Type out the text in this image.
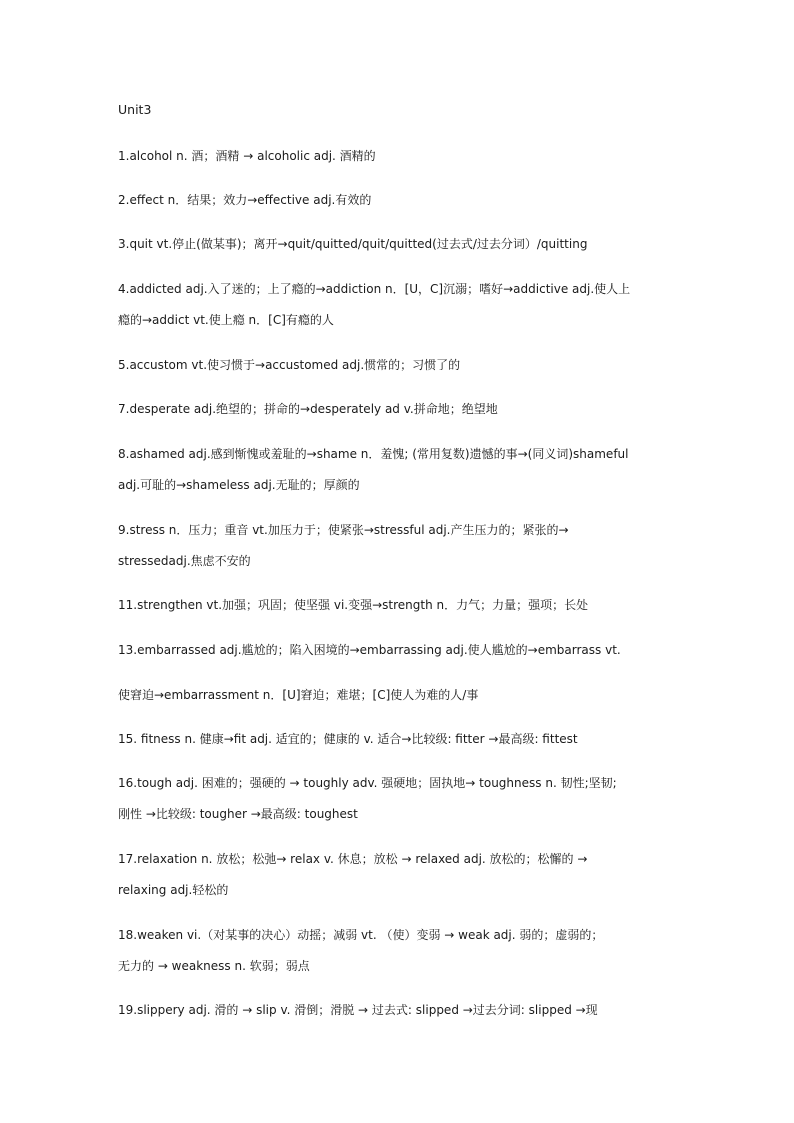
Unit3
1.alcohol n. 酒；酒精 → alcoholic adj. 酒精的
2.effect n．结果；效力→effective adj.有效的
3.quit vt.停止(做某事)；离开→quit/quitted/quit/quitted(过去式/过去分词）/quitting
4.addicted adj.入了迷的；上了瘾的→addiction n．[U，C]沉溺；嗜好→addictive adj.使人上
瘾的→addict vt.使上瘾 n．[C]有瘾的人
5.accustom vt.使习惯于→accustomed adj.惯常的；习惯了的
7.desperate adj.绝望的；拼命的→desperately ad v.拼命地；绝望地
8.ashamed adj.感到惭愧或羞耻的→shame n．羞愧; (常用复数)遗憾的事→(同义词)shameful
adj.可耻的→shameless adj.无耻的；厚颜的
9.stress n．压力；重音 vt.加压力于；使紧张→stressful adj.产生压力的；紧张的→
stressedadj.焦虑不安的
11.strengthen vt.加强；巩固；使坚强 vi.变强→strength n．力气；力量；强项；长处
13.embarrassed adj.尴尬的；陷入困境的→embarrassing adj.使人尴尬的→embarrass vt.
使窘迫→embarrassment n．[U]窘迫；难堪；[C]使人为难的人/事
15. fitness n. 健康→fit adj. 适宜的；健康的 v. 适合→比较级: fitter →最高级: fittest
16.tough adj. 困难的；强硬的 → toughly adv. 强硬地；固执地→ toughness n. 韧性;坚韧;
刚性 →比较级: tougher →最高级: toughest
17.relaxation n. 放松；松弛→ relax v. 休息；放松 → relaxed adj. 放松的；松懈的 →
relaxing adj.轻松的
18.weaken vi.（对某事的决心）动摇；减弱 vt. （使）变弱 → weak adj. 弱的；虚弱的；
无力的 → weakness n. 软弱；弱点
19.slippery adj. 滑的 → slip v. 滑倒；滑脱 → 过去式: slipped →过去分词: slipped →现
